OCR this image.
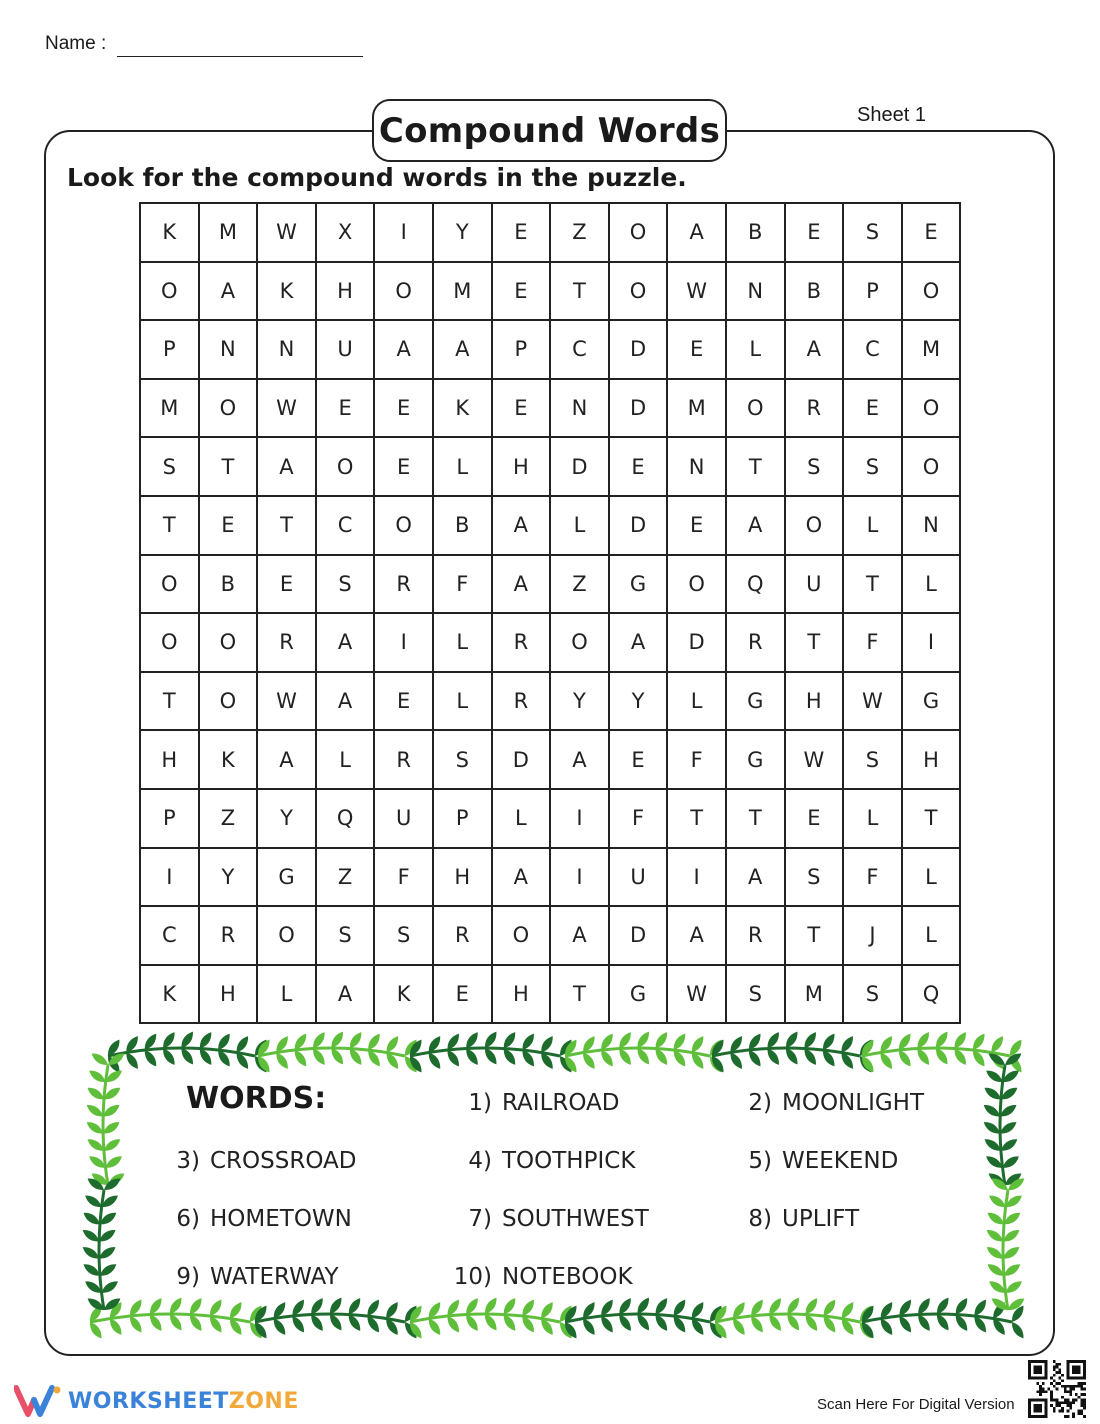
Name :
Sheet 1
Compound Words
Look for the compound words in the puzzle.
K	M	W	X	I	Y	E	Z	O	A	B	E	S	E
O	A	K	H	O	M	E	T	O	W	N	B	P	O
P	N	N	U	A	A	P	C	D	E	L	A	C	M
M	O	W	E	E	K	E	N	D	M	O	R	E	O
S	T	A	O	E	L	H	D	E	N	T	S	S	O
T	E	T	C	O	B	A	L	D	E	A	O	L	N
O	B	E	S	R	F	A	Z	G	O	Q	U	T	L
O	O	R	A	I	L	R	O	A	D	R	T	F	I
T	O	W	A	E	L	R	Y	Y	L	G	H	W	G
H	K	A	L	R	S	D	A	E	F	G	W	S	H
P	Z	Y	Q	U	P	L	I	F	T	T	E	L	T
I	Y	G	Z	F	H	A	I	U	I	A	S	F	L
C	R	O	S	S	R	O	A	D	A	R	T	J	L
K	H	L	A	K	E	H	T	G	W	S	M	S	Q
WORDS:	1) RAILROAD	2) MOONLIGHT
3) CROSSROAD	4) TOOTHPICK	5) WEEKEND
6) HOMETOWN	7) SOUTHWEST	8) UPLIFT
9) WATERWAY	10) NOTEBOOK
WORKSHEETZONE	Scan Here For Digital Version
